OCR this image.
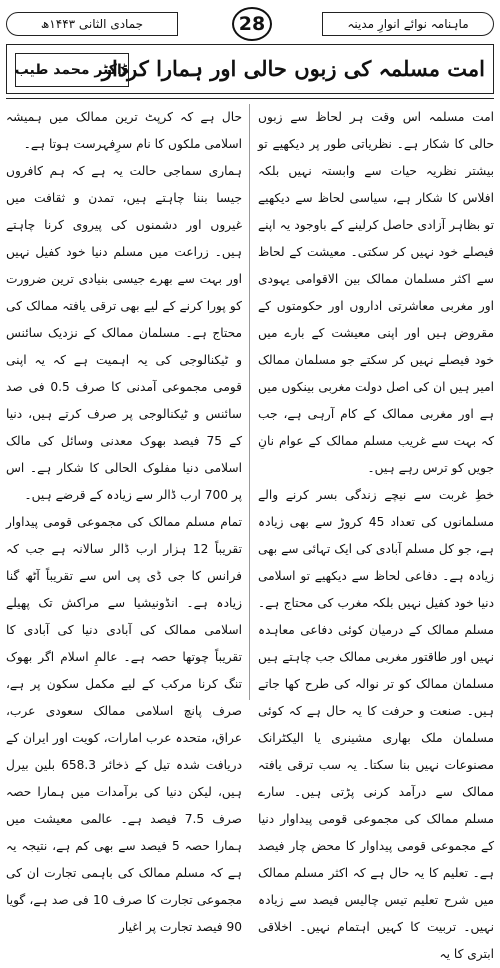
ماہنامہ نوائے انوارِ مدینہ
28
جمادی الثانی ۱۴۴۳ھ
امت مسلمہ کی زبوں حالی اور ہمارا کردار
ڈاکٹر محمد طیب

امت مسلمہ اس وقت ہر لحاظ سے زبوں حالی کا شکار ہے۔ نظریاتی طور پر دیکھیے تو بیشتر نظریہ حیات سے وابستہ نہیں بلکہ افلاس کا شکار ہے، سیاسی لحاظ سے دیکھیے تو بظاہر آزادی حاصل کرلینے کے باوجود یہ اپنے فیصلے خود نہیں کر سکتی۔ معیشت کے لحاظ سے اکثر مسلمان ممالک بین الاقوامی یہودی اور مغربی معاشرتی اداروں اور حکومتوں کے مقروض ہیں اور اپنی معیشت کے بارے میں خود فیصلے نہیں کر سکتے جو مسلمان ممالک امیر ہیں ان کی اصل دولت مغربی بینکوں میں ہے اور مغربی ممالک کے کام آرہی ہے، جب کہ بہت سے غریب مسلم ممالک کے عوام نانِ جویں کو ترس رہے ہیں۔

خطِ غربت سے نیچے زندگی بسر کرنے والے مسلمانوں کی تعداد 45 کروڑ سے بھی زیادہ ہے، جو کل مسلم آبادی کی ایک تہائی سے بھی زیادہ ہے۔ دفاعی لحاظ سے دیکھیے تو اسلامی دنیا خود کفیل نہیں بلکہ مغرب کی محتاج ہے۔ مسلم ممالک کے درمیان کوئی دفاعی معاہدہ نہیں اور طاقتور مغربی ممالک جب چاہتے ہیں مسلمان ممالک کو تر نوالہ کی طرح کھا جاتے ہیں۔ صنعت و حرفت کا یہ حال ہے کہ کوئی مسلمان ملک بھاری مشینری یا الیکٹرانک مصنوعات نہیں بنا سکتا۔ یہ سب ترقی یافتہ ممالک سے درآمد کرنی پڑتی ہیں۔ سارے مسلم ممالک کی مجموعی قومی پیداوار دنیا کے مجموعی قومی پیداوار کا محض چار فیصد ہے۔ تعلیم کا یہ حال ہے کہ اکثر مسلم ممالک میں شرح تعلیم تیس چالیس فیصد سے زیادہ نہیں۔ تربیت کا کہیں اہتمام نہیں۔ اخلاقی ابتری کا یہ

حال ہے کہ کرپٹ ترین ممالک میں ہمیشہ اسلامی ملکوں کا نام سرِفہرست ہوتا ہے۔

ہماری سماجی حالت یہ ہے کہ ہم کافروں جیسا بننا چاہتے ہیں، تمدن و ثقافت میں غیروں اور دشمنوں کی پیروی کرنا چاہتے ہیں۔ زراعت میں مسلم دنیا خود کفیل نہیں اور بہت سے بھرے جیسی بنیادی ترین ضرورت کو پورا کرنے کے لیے بھی ترقی یافتہ ممالک کی محتاج ہے۔ مسلمان ممالک کے نزدیک سائنس و ٹیکنالوجی کی یہ اہمیت ہے کہ یہ اپنی قومی مجموعی آمدنی کا صرف 0.5 فی صد سائنس و ٹیکنالوجی پر صرف کرتے ہیں، دنیا کے 75 فیصد بھوک معدنی وسائل کی مالک اسلامی دنیا مفلوک الحالی کا شکار ہے۔ اس پر 700 ارب ڈالر سے زیادہ کے قرضے ہیں۔

تمام مسلم ممالک کی مجموعی قومی پیداوار تقریباً 12 ہزار ارب ڈالر سالانہ ہے جب کہ فرانس کا جی ڈی پی اس سے تقریباً آٹھ گنا زیادہ ہے۔ انڈونیشیا سے مراکش تک پھیلے اسلامی ممالک کی آبادی دنیا کی آبادی کا تقریباً چوتھا حصہ ہے۔ عالمِ اسلام اگر بھوک تنگ کرنا مرکب کے لیے مکمل سکون پر ہے، صرف پانچ اسلامی ممالک سعودی عرب، عراق، متحدہ عرب امارات، کویت اور ایران کے دریافت شدہ تیل کے ذخائر 658.3 بلین بیرل ہیں، لیکن دنیا کی برآمدات میں ہمارا حصہ صرف 7.5 فیصد ہے۔ عالمی معیشت میں ہمارا حصہ 5 فیصد سے بھی کم ہے، نتیجہ یہ ہے کہ مسلم ممالک کی باہمی تجارت ان کی مجموعی تجارت کا صرف 10 فی صد ہے، گویا 90 فیصد تجارت پر اغیار
